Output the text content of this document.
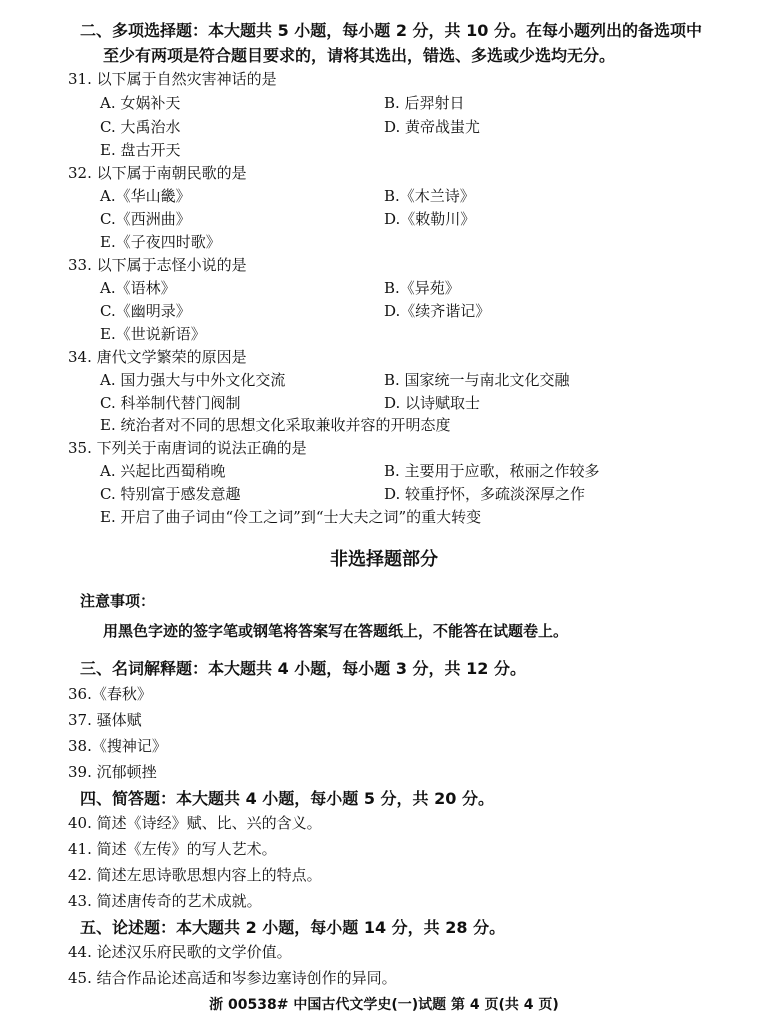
二、多项选择题：本大题共 5 小题，每小题 2 分，共 10 分。在每小题列出的备选项中
至少有两项是符合题目要求的，请将其选出，错选、多选或少选均无分。
31. 以下属于自然灾害神话的是
A. 女娲补天	B. 后羿射日
C. 大禹治水	D. 黄帝战蚩尤
E. 盘古开天
32. 以下属于南朝民歌的是
A.《华山畿》	B.《木兰诗》
C.《西洲曲》	D.《敕勒川》
E.《子夜四时歌》
33. 以下属于志怪小说的是
A.《语林》	B.《异苑》
C.《幽明录》	D.《续齐谐记》
E.《世说新语》
34. 唐代文学繁荣的原因是
A. 国力强大与中外文化交流	B. 国家统一与南北文化交融
C. 科举制代替门阀制	D. 以诗赋取士
E. 统治者对不同的思想文化采取兼收并容的开明态度
35. 下列关于南唐词的说法正确的是
A. 兴起比西蜀稍晚	B. 主要用于应歌，秾丽之作较多
C. 特别富于感发意趣	D. 较重抒怀，多疏淡深厚之作
E. 开启了曲子词由“伶工之词”到“士大夫之词”的重大转变
非选择题部分
注意事项：
用黑色字迹的签字笔或钢笔将答案写在答题纸上，不能答在试题卷上。
三、名词解释题：本大题共 4 小题，每小题 3 分，共 12 分。
36.《春秋》
37. 骚体赋
38.《搜神记》
39. 沉郁顿挫
四、简答题：本大题共 4 小题，每小题 5 分，共 20 分。
40. 简述《诗经》赋、比、兴的含义。
41. 简述《左传》的写人艺术。
42. 简述左思诗歌思想内容上的特点。
43. 简述唐传奇的艺术成就。
五、论述题：本大题共 2 小题，每小题 14 分，共 28 分。
44. 论述汉乐府民歌的文学价值。
45. 结合作品论述高适和岑参边塞诗创作的异同。
浙 00538# 中国古代文学史(一)试题 第 4 页(共 4 页)
